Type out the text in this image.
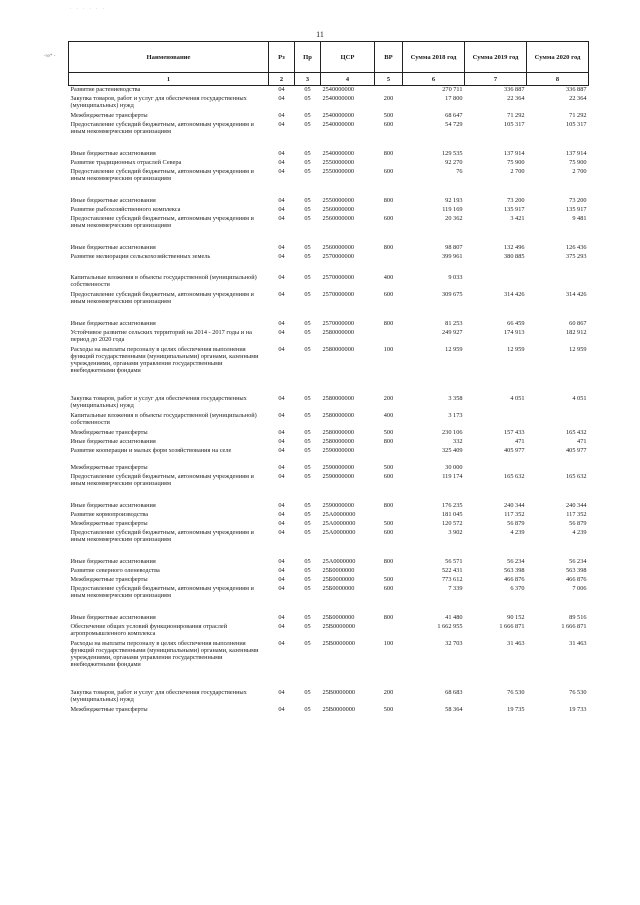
. . . . . .
11
-ээ* -	Наименование	Рз	Пр	ЦСР	ВР	Сумма 2018 год	Сумма 2019 год	Сумма 2020 год
1	2	3	4	5	6	7	8
Развитие растениеводства	04	05	2540000000		270 711	336 887	336 887
Закупка товаров, работ и услуг для обеспечения государственных (муниципальных) нужд	04	05	2540000000	200	17 800	22 364	22 364
Межбюджетные трансферты	04	05	2540000000	500	68 647	71 292	71 292
Предоставление субсидий бюджетным, автономным учреждениям и иным некоммерческим организациям	04	05	2540000000	600	54 729	105 317	105 317

Иные бюджетные ассигнования	04	05	2540000000	800	129 535	137 914	137 914
Развитие традиционных отраслей Севера	04	05	2550000000		92 270	75 900	75 900
Предоставление субсидий бюджетным, автономным учреждениям и иным некоммерческим организациям	04	05	2550000000	600	76	2 700	2 700

Иные бюджетные ассигнования	04	05	2550000000	800	92 193	73 200	73 200
Развитие рыбохозяйственного комплекса	04	05	2560000000		119 169	135 917	135 917
Предоставление субсидий бюджетным, автономным учреждениям и иным некоммерческим организациям	04	05	2560000000	600	20 362	3 421	9 481

Иные бюджетные ассигнования	04	05	2560000000	800	98 807	132 496	126 436
Развитие мелиорации сельскохозяйственных земель	04	05	2570000000		399 961	380 885	375 293

Капитальные вложения в объекты государственной (муниципальной) собственности	04	05	2570000000	400	9 033		
Предоставление субсидий бюджетным, автономным учреждениям и иным некоммерческим организациям	04	05	2570000000	600	309 675	314 426	314 426

Иные бюджетные ассигнования	04	05	2570000000	800	81 253	66 459	60 867
Устойчивое развитие сельских территорий на 2014 - 2017 годы и на период до 2020 года	04	05	2580000000		249 927	174 913	182 912
Расходы на выплаты персоналу в целях обеспечения выполнения функций государственными (муниципальными) органами, казенными учреждениями, органами управления государственными внебюджетными фондами	04	05	2580000000	100	12 959	12 959	12 959
Закупка товаров, работ и услуг для обеспечения государственных (муниципальных) нужд	04	05	2580000000	200	3 358	4 051	4 051
Капитальные вложения в объекты государственной (муниципальной) собственности	04	05	2580000000	400	3 173		
Межбюджетные трансферты	04	05	2580000000	500	230 106	157 433	165 432
Иные бюджетные ассигнования	04	05	2580000000	800	332	471	471
Развитие кооперации и малых форм хозяйствования на селе	04	05	2590000000		325 409	405 977	405 977
Межбюджетные трансферты	04	05	2590000000	500	30 000		
Предоставление субсидий бюджетным, автономным учреждениям и иным некоммерческим организациям	04	05	2590000000	600	119 174	165 632	165 632

Иные бюджетные ассигнования	04	05	2590000000	800	176 235	240 344	240 344
Развитие кормопроизводства	04	05	25А0000000		181 045	117 352	117 352
Межбюджетные трансферты	04	05	25А0000000	500	120 572	56 879	56 879
Предоставление субсидий бюджетным, автономным учреждениям и иным некоммерческим организациям	04	05	25А0000000	600	3 902	4 239	4 239

Иные бюджетные ассигнования	04	05	25А0000000	800	56 571	56 234	56 234
Развитие северного оленеводства	04	05	25Б0000000		522 431	563 398	563 398
Межбюджетные трансферты	04	05	25Б0000000	500	773 612	466 876	466 876
Предоставление субсидий бюджетным, автономным учреждениям и иным некоммерческим организациям	04	05	25Б0000000	600	7 339	6 370	7 006

Иные бюджетные ассигнования	04	05	25Б0000000	800	41 480	90 152	89 516
Обеспечение общих условий функционирования отраслей агропромышленного комплекса	04	05	25В0000000		1 662 955	1 666 871	1 666 871
Расходы на выплаты персоналу в целях обеспечения выполнения функций государственными (муниципальными) органами, казенными учреждениями, органами управления государственными внебюджетными фондами	04	05	25В0000000	100	32 703	31 463	31 463
Закупка товаров, работ и услуг для обеспечения государственных (муниципальных) нужд	04	05	25В0000000	200	68 683	76 530	76 530
Межбюджетные трансферты	04	05	25В0000000	500	58 364	19 735	19 733
